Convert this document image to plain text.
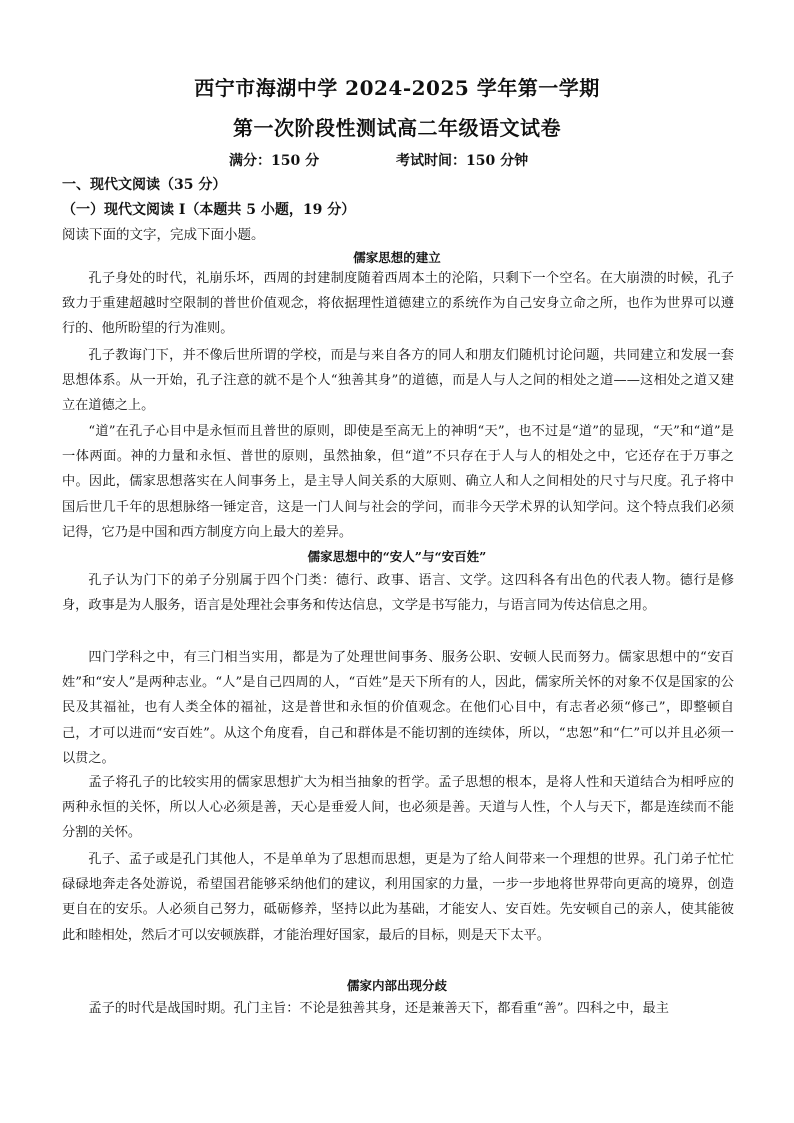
西宁市海湖中学 2024-2025 学年第一学期
第一次阶段性测试高二年级语文试卷
满分：150 分	考试时间：150 分钟
一、现代文阅读（35 分）
（一）现代文阅读 I（本题共 5 小题，19 分）
阅读下面的文字，完成下面小题。
儒家思想的建立
孔子身处的时代，礼崩乐坏，西周的封建制度随着西周本土的沦陷，只剩下一个空名。在大崩溃的时候，孔子致力于重建超越时空限制的普世价值观念，将依据理性道德建立的系统作为自己安身立命之所，也作为世界可以遵行的、他所盼望的行为准则。
孔子教诲门下，并不像后世所谓的学校，而是与来自各方的同人和朋友们随机讨论问题，共同建立和发展一套思想体系。从一开始，孔子注意的就不是个人“独善其身”的道德，而是人与人之间的相处之道——这相处之道又建立在道德之上。
“道”在孔子心目中是永恒而且普世的原则，即使是至高无上的神明“天”，也不过是“道”的显现，“天”和“道”是一体两面。神的力量和永恒、普世的原则，虽然抽象，但“道”不只存在于人与人的相处之中，它还存在于万事之中。因此，儒家思想落实在人间事务上，是主导人间关系的大原则、确立人和人之间相处的尺寸与尺度。孔子将中国后世几千年的思想脉络一锤定音，这是一门人间与社会的学问，而非今天学术界的认知学问。这个特点我们必须记得，它乃是中国和西方制度方向上最大的差异。
儒家思想中的“安人”与“安百姓”
孔子认为门下的弟子分别属于四个门类：德行、政事、语言、文学。这四科各有出色的代表人物。德行是修身，政事是为人服务，语言是处理社会事务和传达信息，文学是书写能力，与语言同为传达信息之用。
四门学科之中，有三门相当实用，都是为了处理世间事务、服务公职、安顿人民而努力。儒家思想中的“安百姓”和“安人”是两种志业。“人”是自己四周的人，“百姓”是天下所有的人，因此，儒家所关怀的对象不仅是国家的公民及其福祉，也有人类全体的福祉，这是普世和永恒的价值观念。在他们心目中，有志者必须“修己”，即整顿自己，才可以进而“安百姓”。从这个角度看，自己和群体是不能切割的连续体，所以，“忠恕”和“仁”可以并且必须一以贯之。
孟子将孔子的比较实用的儒家思想扩大为相当抽象的哲学。孟子思想的根本，是将人性和天道结合为相呼应的两种永恒的关怀，所以人心必须是善，天心是垂爱人间，也必须是善。天道与人性，个人与天下，都是连续而不能分割的关怀。
孔子、孟子或是孔门其他人，不是单单为了思想而思想，更是为了给人间带来一个理想的世界。孔门弟子忙忙碌碌地奔走各处游说，希望国君能够采纳他们的建议，利用国家的力量，一步一步地将世界带向更高的境界，创造更自在的安乐。人必须自己努力，砥砺修养，坚持以此为基础，才能安人、安百姓。先安顿自己的亲人，使其能彼此和睦相处，然后才可以安顿族群，才能治理好国家，最后的目标，则是天下太平。
儒家内部出现分歧
孟子的时代是战国时期。孔门主旨：不论是独善其身，还是兼善天下，都看重“善”。四科之中，最主
